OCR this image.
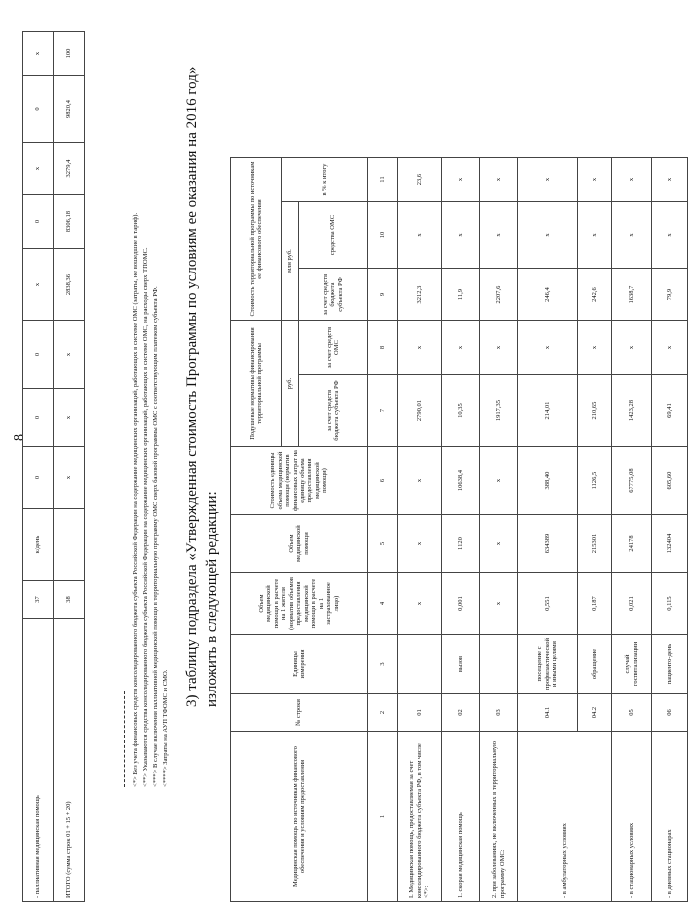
8
- паллиативная медицинская помощь	37	к/день	0	0	0	x	0	x	0	x
ИТОГО (сумма строк 01 + 15 + 20)	38		x	x	x	2838,36	8306,18	3279,4	9820,4	100
<*> Без учета финансовых средств консолидированного бюджета субъекта Российской Федерации на содержание медицинских организаций, работающих в системе ОМС (затраты, не вошедшие в тариф). <**> Указываются средства консолидированного бюджета субъекта Российской Федерации на содержание медицинских организаций, работающих в системе ОМС, на расходы сверх ТПОМС. <***> В случае включения паллиативной медицинской помощи в территориальную программу ОМС сверх базовой программы ОМС с соответствующим платежом субъекта РФ. <****> Затраты на АУП ТФОМС и СМО.
3) таблицу подраздела «Утвержденная стоимость Программы по условиям ее оказания на 2016 год» изложить в следующей редакции:
Медицинская помощь по источникам финансового обеспечения и условиям предоставления	№ строки	Единицы измерения	Объем медицинской помощи в расчете на 1 жителя (норматив объемов предоставления медицинской помощи в расчете на 1 застрахованное лицо)	Объем медицинской помощи	Стоимость единицы объема медицинской помощи (норматив финансовых затрат на единицу объема предоставления медицинской помощи)	Подушевые нормативы финансирования территориальной программы		Стоимость территориальной программы по источникам ее финансового обеспечения		
						руб.		млн руб.		в % к итогу
						за счет средств бюджета субъекта РФ	за счет средств ОМС	за счет средств бюджета субъекта РФ	средства ОМС	
1	2	3	4	5	6	7	8	9	10	11
I. Медицинская помощь, предоставляемая за счет консолидированного бюджета субъекта РФ, в том числе <*>:	01		x	x	x	2790,01	x	3212,3	x	23,6
1. скорая медицинская помощь	02	вызов	0,001	1120	10638,4	10,35	x	11,9	x	x
2. при заболеваниях, не включенных в территориальную программу ОМС:	03		x	x	x	1917,35	x	2207,6	x	x
- в амбулаторных условиях	04.1	посещение с профилактической и иными целями	0,551	634389	388,40	214,01	x	246,4	x	x
	04.2	обращение	0,187	215301	1126,5	210,65	x	242,6	x	x
- в стационарных условиях	05	случай госпитализации	0,021	24178	67775,08	1423,28	x	1638,7	x	x
- в дневных стационарах	06	пациенто-день	0,115	132404	605,60	69,41	x	79,9	x	x
